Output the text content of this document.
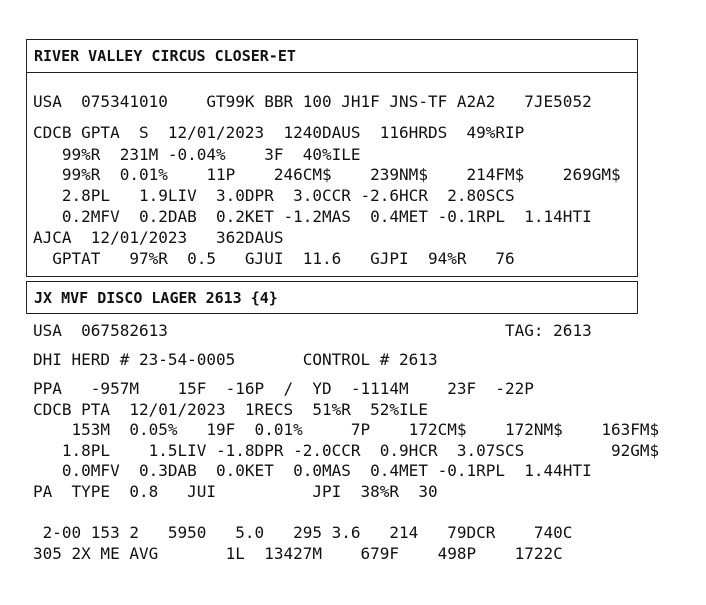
RIVER VALLEY CIRCUS CLOSER-ET
USA  075341010    GT99K BBR 100 JH1F JNS-TF A2A2   7JE5052
CDCB GPTA  S  12/01/2023  1240DAUS  116HRDS  49%RIP
99%R  231M -0.04%    3F  40%ILE
99%R  0.01%    11P    246CM$    239NM$    214FM$    269GM$
2.8PL   1.9LIV  3.0DPR  3.0CCR -2.6HCR  2.80SCS
0.2MFV  0.2DAB  0.2KET -1.2MAS  0.4MET -0.1RPL  1.14HTI
AJCA  12/01/2023   362DAUS
GPTAT   97%R  0.5   GJUI  11.6   GJPI  94%R   76
JX MVF DISCO LAGER 2613 {4}
USA  067582613                                   TAG: 2613
DHI HERD # 23-54-0005       CONTROL # 2613
PPA   -957M    15F  -16P  /  YD  -1114M    23F  -22P
CDCB PTA  12/01/2023  1RECS  51%R  52%ILE
153M  0.05%   19F  0.01%     7P    172CM$    172NM$    163FM$
1.8PL    1.5LIV -1.8DPR -2.0CCR  0.9HCR  3.07SCS         92GM$
0.0MFV  0.3DAB  0.0KET  0.0MAS  0.4MET -0.1RPL  1.44HTI
PA  TYPE  0.8   JUI          JPI  38%R  30
2-00 153 2   5950   5.0   295 3.6   214   79DCR    740C
305 2X ME AVG       1L  13427M    679F    498P    1722C
